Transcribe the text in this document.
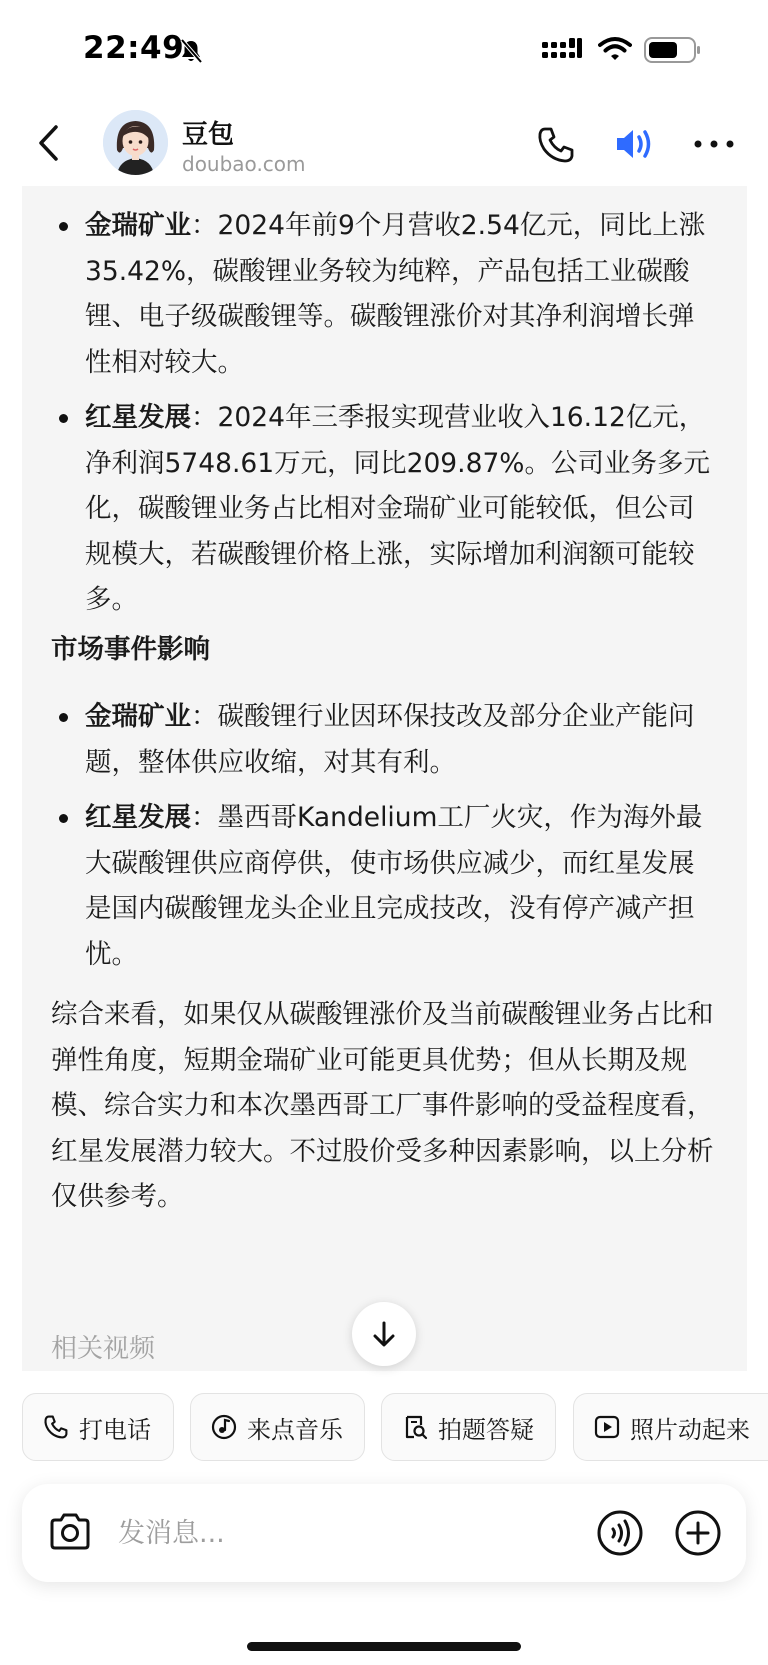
22:49
豆包
doubao.com
金瑞矿业：2024年前9个月营收2.54亿元，同比上涨35.42%，碳酸锂业务较为纯粹，产品包括工业碳酸锂、电子级碳酸锂等。碳酸锂涨价对其净利润增长弹性相对较大。
红星发展：2024年三季报实现营业收入16.12亿元，净利润5748.61万元，同比209.87%。公司业务多元化，碳酸锂业务占比相对金瑞矿业可能较低，但公司规模大，若碳酸锂价格上涨，实际增加利润额可能较多。
市场事件影响
金瑞矿业：碳酸锂行业因环保技改及部分企业产能问题，整体供应收缩，对其有利。
红星发展：墨西哥Kandelium工厂火灾，作为海外最大碳酸锂供应商停供，使市场供应减少，而红星发展是国内碳酸锂龙头企业且完成技改，没有停产减产担忧。
综合来看，如果仅从碳酸锂涨价及当前碳酸锂业务占比和弹性角度，短期金瑞矿业可能更具优势；但从长期及规模、综合实力和本次墨西哥工厂事件影响的受益程度看，红星发展潜力较大。不过股价受多种因素影响，以上分析仅供参考。
相关视频
打电话	来点音乐	拍题答疑	照片动起来
发消息...
